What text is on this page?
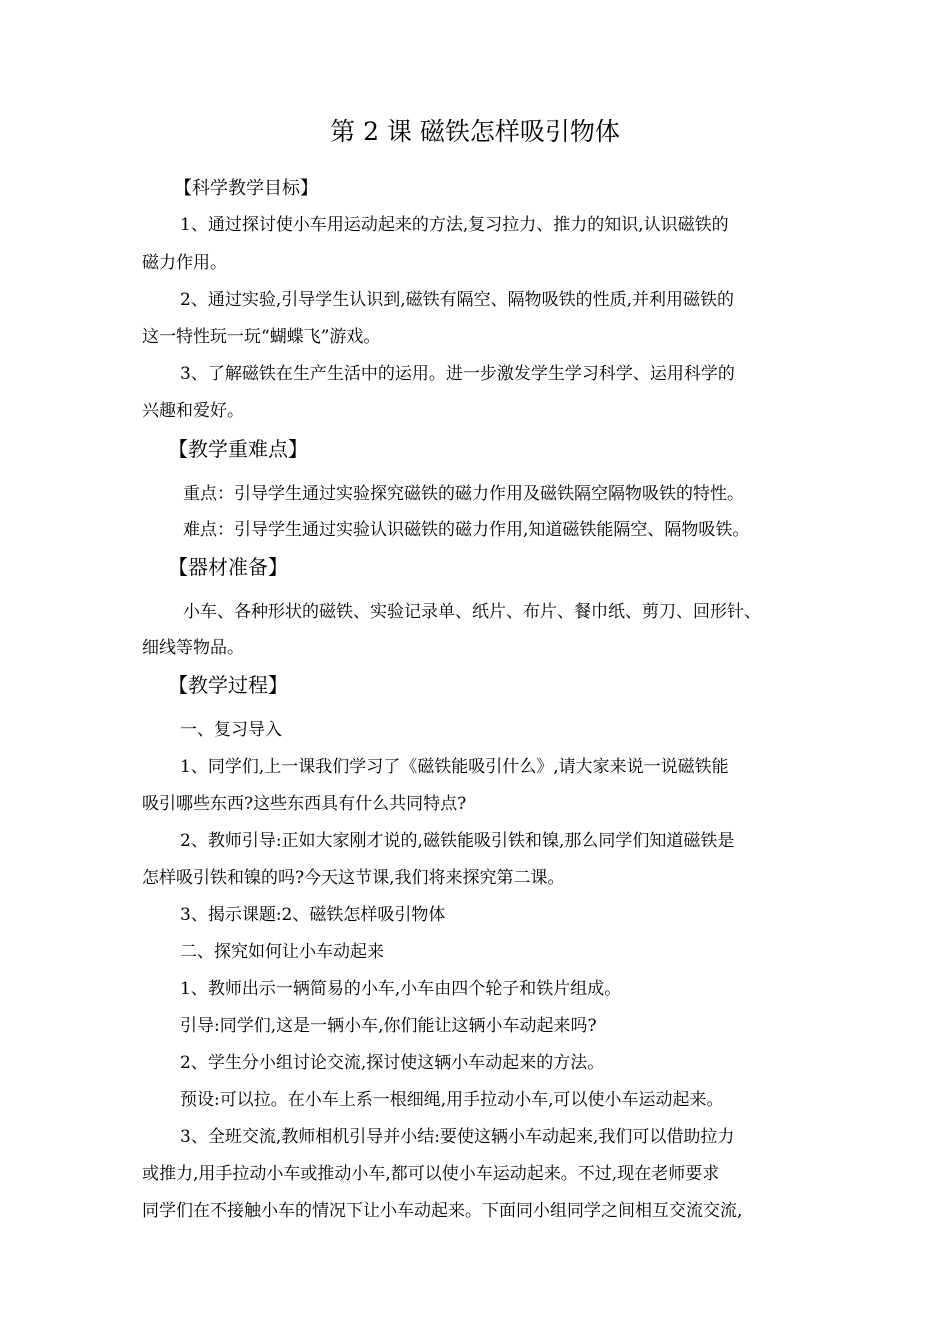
第 2 课 磁铁怎样吸引物体
【科学教学目标】
1、通过探讨使小车用运动起来的方法,复习拉力、推力的知识,认识磁铁的
磁力作用。
2、通过实验,引导学生认识到,磁铁有隔空、隔物吸铁的性质,并利用磁铁的
这一特性玩一玩“蝴蝶飞”游戏。
3、了解磁铁在生产生活中的运用。进一步激发学生学习科学、运用科学的
兴趣和爱好。
【教学重难点】
重点：引导学生通过实验探究磁铁的磁力作用及磁铁隔空隔物吸铁的特性。
难点：引导学生通过实验认识磁铁的磁力作用,知道磁铁能隔空、隔物吸铁。
【器材准备】
小车、各种形状的磁铁、实验记录单、纸片、布片、餐巾纸、剪刀、回形针、
细线等物品。
【教学过程】
一、复习导入
1、同学们,上一课我们学习了《磁铁能吸引什么》,请大家来说一说磁铁能
吸引哪些东西?这些东西具有什么共同特点?
2、教师引导:正如大家刚才说的,磁铁能吸引铁和镍,那么同学们知道磁铁是
怎样吸引铁和镍的吗?今天这节课,我们将来探究第二课。
3、揭示课题:2、磁铁怎样吸引物体
二、探究如何让小车动起来
1、教师出示一辆简易的小车,小车由四个轮子和铁片组成。
引导:同学们,这是一辆小车,你们能让这辆小车动起来吗?
2、学生分小组讨论交流,探讨使这辆小车动起来的方法。
预设:可以拉。在小车上系一根细绳,用手拉动小车,可以使小车运动起来。
3、全班交流,教师相机引导并小结:要使这辆小车动起来,我们可以借助拉力
或推力,用手拉动小车或推动小车,都可以使小车运动起来。不过,现在老师要求
同学们在不接触小车的情况下让小车动起来。下面同小组同学之间相互交流交流,
